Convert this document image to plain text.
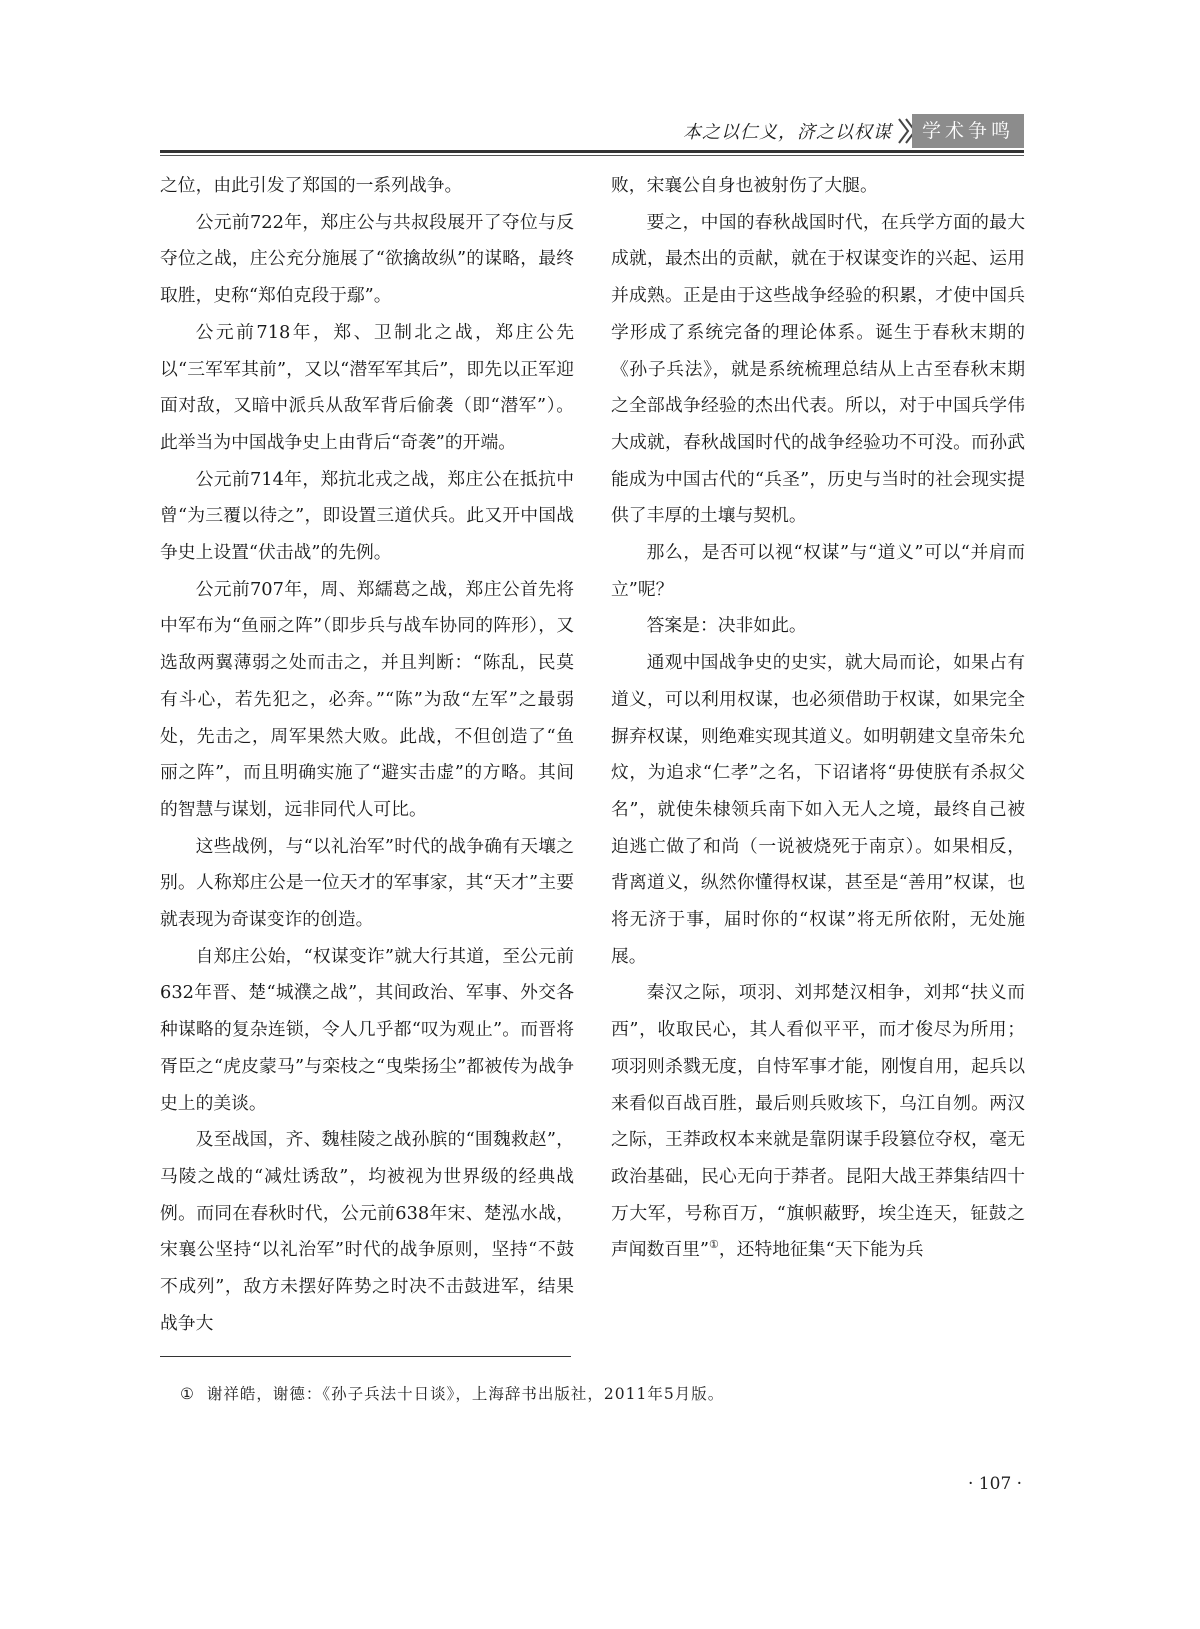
本之以仁义，济之以权谋	学术争鸣

之位，由此引发了郑国的一系列战争。

公元前722年，郑庄公与共叔段展开了夺位与反夺位之战，庄公充分施展了“欲擒故纵”的谋略，最终取胜，史称“郑伯克段于鄢”。

公元前718年，郑、卫制北之战，郑庄公先以“三军军其前”，又以“潜军军其后”，即先以正军迎面对敌，又暗中派兵从敌军背后偷袭（即“潜军”）。此举当为中国战争史上由背后“奇袭”的开端。

公元前714年，郑抗北戎之战，郑庄公在抵抗中曾“为三覆以待之”，即设置三道伏兵。此又开中国战争史上设置“伏击战”的先例。

公元前707年，周、郑繻葛之战，郑庄公首先将中军布为“鱼丽之阵”（即步兵与战车协同的阵形），又选敌两翼薄弱之处而击之，并且判断：“陈乱，民莫有斗心，若先犯之，必奔。”“陈”为敌“左军”之最弱处，先击之，周军果然大败。此战，不但创造了“鱼丽之阵”，而且明确实施了“避实击虚”的方略。其间的智慧与谋划，远非同代人可比。

这些战例，与“以礼治军”时代的战争确有天壤之别。人称郑庄公是一位天才的军事家，其“天才”主要就表现为奇谋变诈的创造。

自郑庄公始，“权谋变诈”就大行其道，至公元前632年晋、楚“城濮之战”，其间政治、军事、外交各种谋略的复杂连锁，令人几乎都“叹为观止”。而晋将胥臣之“虎皮蒙马”与栾枝之“曳柴扬尘”都被传为战争史上的美谈。

及至战国，齐、魏桂陵之战孙膑的“围魏救赵”，马陵之战的“减灶诱敌”，均被视为世界级的经典战例。而同在春秋时代，公元前638年宋、楚泓水战，宋襄公坚持“以礼治军”时代的战争原则，坚持“不鼓不成列”，敌方未摆好阵势之时决不击鼓进军，结果战争大

败，宋襄公自身也被射伤了大腿。

要之，中国的春秋战国时代，在兵学方面的最大成就，最杰出的贡献，就在于权谋变诈的兴起、运用并成熟。正是由于这些战争经验的积累，才使中国兵学形成了系统完备的理论体系。诞生于春秋末期的《孙子兵法》，就是系统梳理总结从上古至春秋末期之全部战争经验的杰出代表。所以，对于中国兵学伟大成就，春秋战国时代的战争经验功不可没。而孙武能成为中国古代的“兵圣”，历史与当时的社会现实提供了丰厚的土壤与契机。

那么，是否可以视“权谋”与“道义”可以“并肩而立”呢？

答案是：决非如此。

通观中国战争史的史实，就大局而论，如果占有道义，可以利用权谋，也必须借助于权谋，如果完全摒弃权谋，则绝难实现其道义。如明朝建文皇帝朱允炆，为追求“仁孝”之名，下诏诸将“毋使朕有杀叔父名”，就使朱棣领兵南下如入无人之境，最终自己被迫逃亡做了和尚（一说被烧死于南京）。如果相反，背离道义，纵然你懂得权谋，甚至是“善用”权谋，也将无济于事，届时你的“权谋”将无所依附，无处施展。

秦汉之际，项羽、刘邦楚汉相争，刘邦“扶义而西”，收取民心，其人看似平平，而才俊尽为所用；项羽则杀戮无度，自恃军事才能，刚愎自用，起兵以来看似百战百胜，最后则兵败垓下，乌江自刎。两汉之际，王莽政权本来就是靠阴谋手段篡位夺权，毫无政治基础，民心无向于莽者。昆阳大战王莽集结四十万大军，号称百万，“旗帜蔽野，埃尘连天，钲鼓之声闻数百里”①，还特地征集“天下能为兵

① 谢祥皓，谢德：《孙子兵法十日谈》，上海辞书出版社，2011年5月版。
· 107 ·
